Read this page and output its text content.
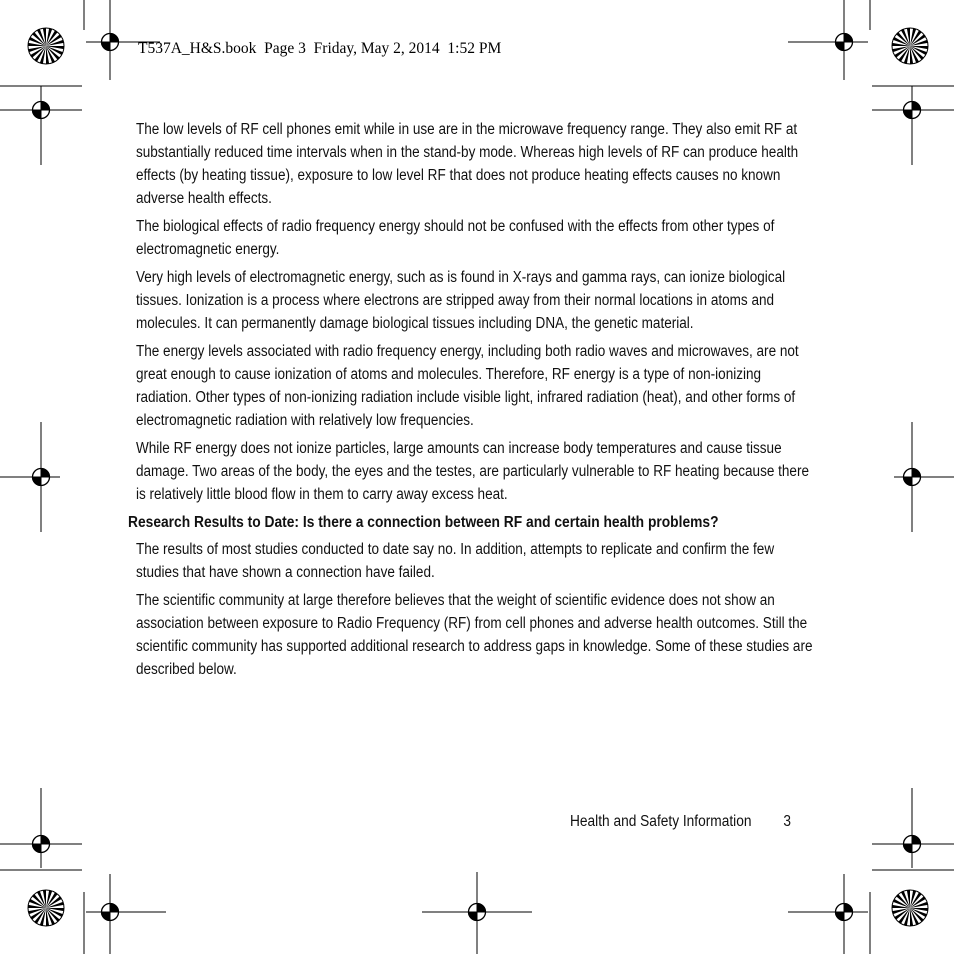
T537A_H&S.book  Page 3  Friday, May 2, 2014  1:52 PM

The low levels of RF cell phones emit while in use are in the microwave frequency range. They also emit RF at substantially reduced time intervals when in the stand-by mode. Whereas high levels of RF can produce health effects (by heating tissue), exposure to low level RF that does not produce heating effects causes no known adverse health effects.

The biological effects of radio frequency energy should not be confused with the effects from other types of electromagnetic energy.

Very high levels of electromagnetic energy, such as is found in X-rays and gamma rays, can ionize biological tissues. Ionization is a process where electrons are stripped away from their normal locations in atoms and molecules. It can permanently damage biological tissues including DNA, the genetic material.

The energy levels associated with radio frequency energy, including both radio waves and microwaves, are not great enough to cause ionization of atoms and molecules. Therefore, RF energy is a type of non-ionizing radiation. Other types of non-ionizing radiation include visible light, infrared radiation (heat), and other forms of electromagnetic radiation with relatively low frequencies.

While RF energy does not ionize particles, large amounts can increase body temperatures and cause tissue damage. Two areas of the body, the eyes and the testes, are particularly vulnerable to RF heating because there is relatively little blood flow in them to carry away excess heat.

Research Results to Date: Is there a connection between RF and certain health problems?

The results of most studies conducted to date say no. In addition, attempts to replicate and confirm the few studies that have shown a connection have failed.

The scientific community at large therefore believes that the weight of scientific evidence does not show an association between exposure to Radio Frequency (RF) from cell phones and adverse health outcomes. Still the scientific community has supported additional research to address gaps in knowledge. Some of these studies are described below.

Health and Safety Information 3
